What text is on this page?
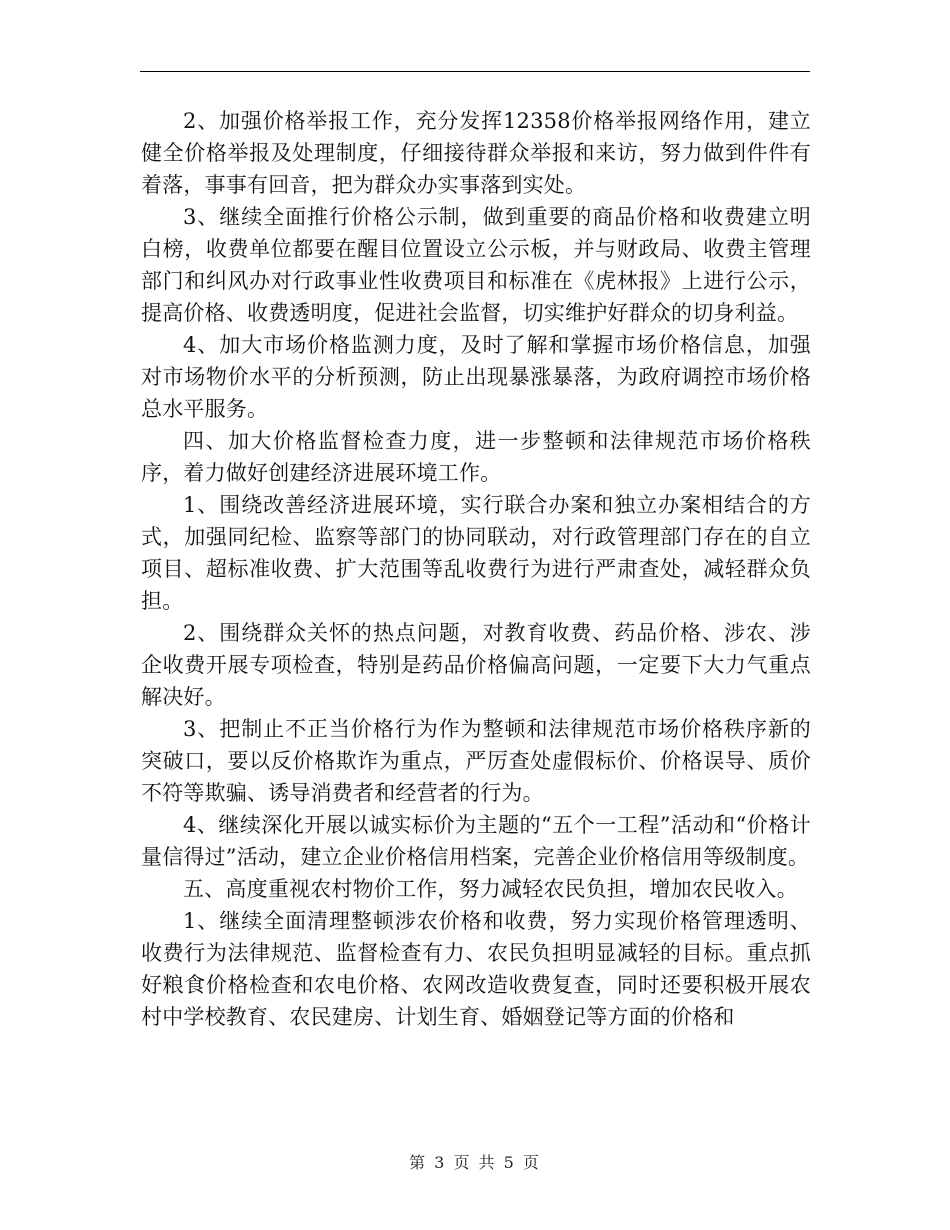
2、加强价格举报工作，充分发挥12358价格举报网络作用，建立健全价格举报及处理制度，仔细接待群众举报和来访，努力做到件件有着落，事事有回音，把为群众办实事落到实处。

3、继续全面推行价格公示制，做到重要的商品价格和收费建立明白榜，收费单位都要在醒目位置设立公示板，并与财政局、收费主管理部门和纠风办对行政事业性收费项目和标准在《虎林报》上进行公示，提高价格、收费透明度，促进社会监督，切实维护好群众的切身利益。

4、加大市场价格监测力度，及时了解和掌握市场价格信息，加强对市场物价水平的分析预测，防止出现暴涨暴落，为政府调控市场价格总水平服务。

四、加大价格监督检查力度，进一步整顿和法律规范市场价格秩序，着力做好创建经济进展环境工作。

1、围绕改善经济进展环境，实行联合办案和独立办案相结合的方式，加强同纪检、监察等部门的协同联动，对行政管理部门存在的自立项目、超标准收费、扩大范围等乱收费行为进行严肃查处，减轻群众负担。

2、围绕群众关怀的热点问题，对教育收费、药品价格、涉农、涉企收费开展专项检查，特别是药品价格偏高问题，一定要下大力气重点解决好。

3、把制止不正当价格行为作为整顿和法律规范市场价格秩序新的突破口，要以反价格欺诈为重点，严厉查处虚假标价、价格误导、质价不符等欺骗、诱导消费者和经营者的行为。

4、继续深化开展以诚实标价为主题的“五个一工程”活动和“价格计量信得过”活动，建立企业价格信用档案，完善企业价格信用等级制度。

五、高度重视农村物价工作，努力减轻农民负担，增加农民收入。

1、继续全面清理整顿涉农价格和收费，努力实现价格管理透明、收费行为法律规范、监督检查有力、农民负担明显减轻的目标。重点抓好粮食价格检查和农电价格、农网改造收费复查，同时还要积极开展农村中学校教育、农民建房、计划生育、婚姻登记等方面的价格和

第 3 页 共 5 页
